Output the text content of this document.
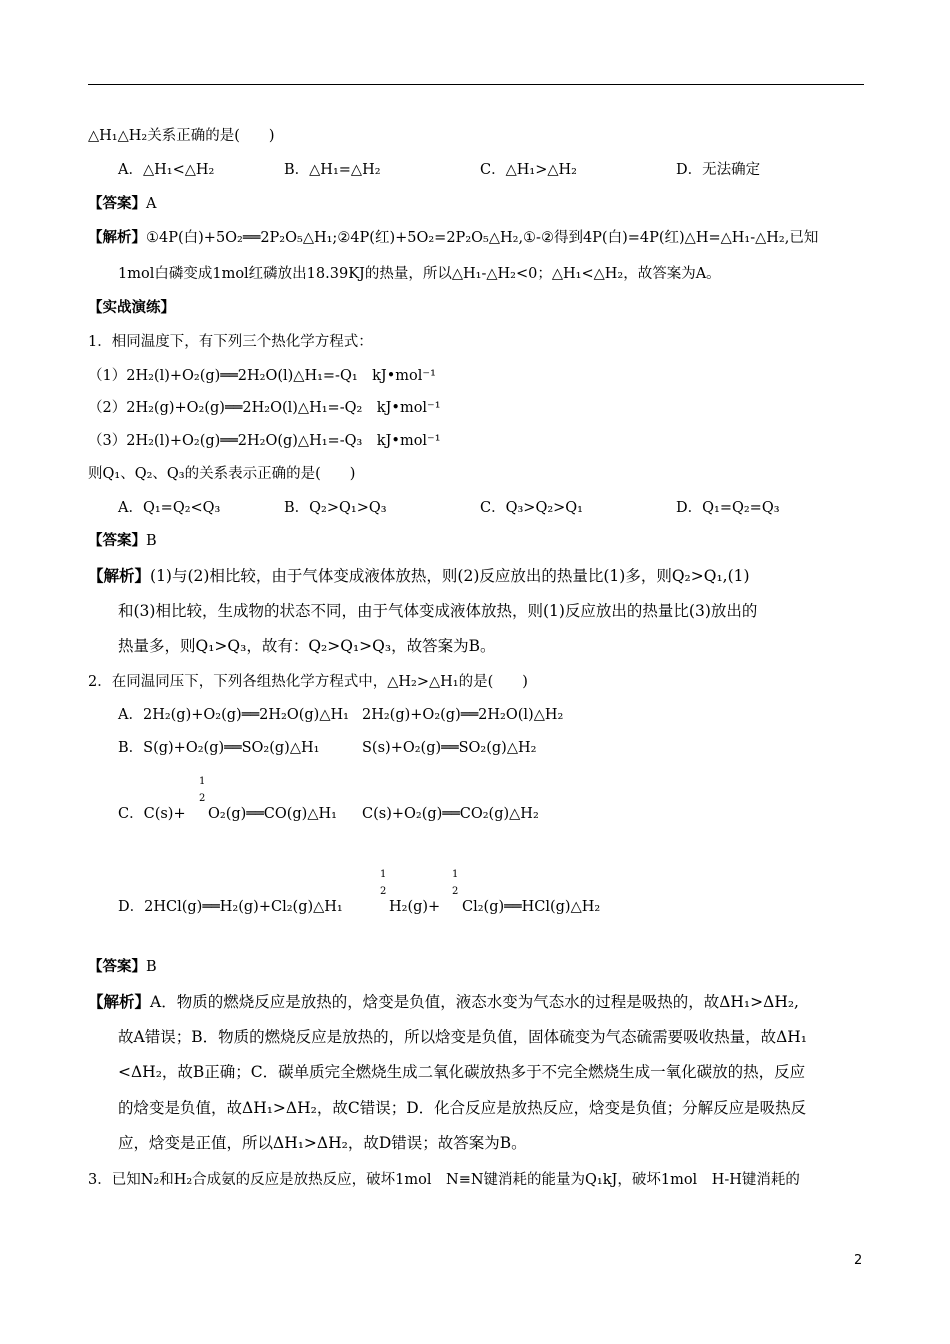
△H₁△H₂关系正确的是(　　)
A．△H₁<△H₂	B．△H₁=△H₂	C．△H₁>△H₂	D．无法确定
【答案】A
【解析】①4P(白)+5O₂══2P₂O₅△H₁;②4P(红)+5O₂=2P₂O₅△H₂,①-②得到4P(白)=4P(红)△H=△H₁-△H₂,已知
1mol白磷变成1mol红磷放出18.39KJ的热量，所以△H₁-△H₂<0；△H₁<△H₂，故答案为A。
【实战演练】
1．相同温度下，有下列三个热化学方程式：
（1）2H₂(l)+O₂(g)══2H₂O(l)△H₁=-Q₁　kJ•mol⁻¹
（2）2H₂(g)+O₂(g)══2H₂O(l)△H₁=-Q₂　kJ•mol⁻¹
（3）2H₂(l)+O₂(g)══2H₂O(g)△H₁=-Q₃　kJ•mol⁻¹
则Q₁、Q₂、Q₃的关系表示正确的是(　　)
A．Q₁=Q₂<Q₃	B．Q₂>Q₁>Q₃	C．Q₃>Q₂>Q₁	D．Q₁=Q₂=Q₃
【答案】B
【解析】(1)与(2)相比较，由于气体变成液体放热，则(2)反应放出的热量比(1)多，则Q₂>Q₁,(1)
和(3)相比较，生成物的状态不同，由于气体变成液体放热，则(1)反应放出的热量比(3)放出的
热量多，则Q₁>Q₃，故有：Q₂>Q₁>Q₃，故答案为B。
2．在同温同压下，下列各组热化学方程式中，△H₂>△H₁的是(　　)
A．2H₂(g)+O₂(g)══2H₂O(g)△H₁ 2H₂(g)+O₂(g)══2H₂O(l)△H₂
B．S(g)+O₂(g)══SO₂(g)△H₁	S(s)+O₂(g)══SO₂(g)△H₂
1
2
C．C(s)+ O₂(g)══CO(g)△H₁ C(s)+O₂(g)══CO₂(g)△H₂
D．2HCl(g)══H₂(g)+Cl₂(g)△H₁
1
2
H₂(g)+
1
2
Cl₂(g)══HCl(g)△H₂
【答案】B
【解析】A．物质的燃烧反应是放热的，焓变是负值，液态水变为气态水的过程是吸热的，故ΔH₁>ΔH₂,
故A错误；B．物质的燃烧反应是放热的，所以焓变是负值，固体硫变为气态硫需要吸收热量，故ΔH₁
<ΔH₂，故B正确；C．碳单质完全燃烧生成二氧化碳放热多于不完全燃烧生成一氧化碳放的热，反应
的焓变是负值，故ΔH₁>ΔH₂，故C错误；D．化合反应是放热反应，焓变是负值；分解反应是吸热反
应，焓变是正值，所以ΔH₁>ΔH₂，故D错误；故答案为B。
3．已知N₂和H₂合成氨的反应是放热反应，破坏1mol　N≡N键消耗的能量为Q₁kJ，破坏1mol　H-H键消耗的
2
